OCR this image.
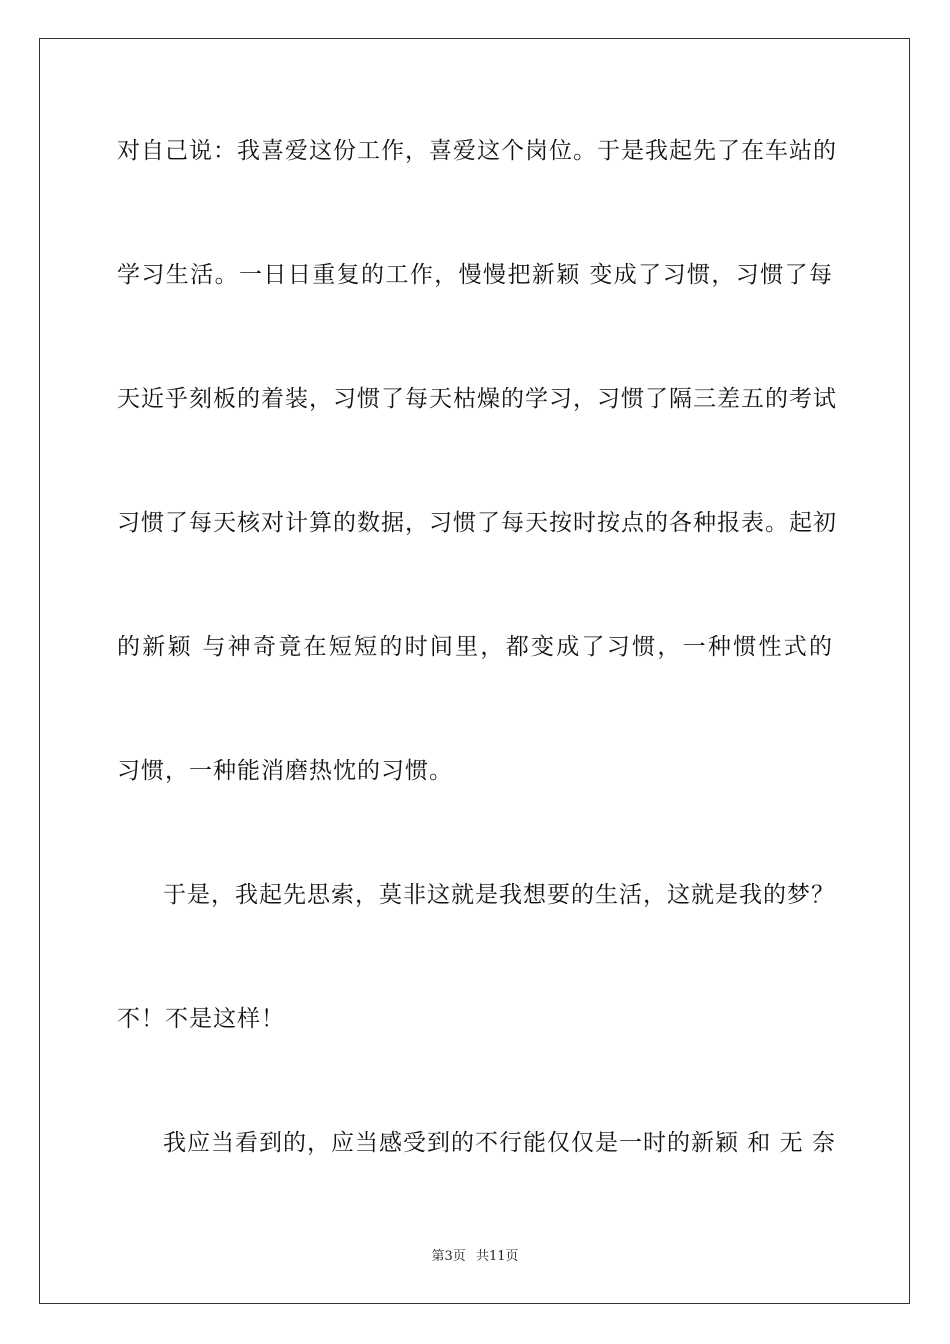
对自己说：我喜爱这份工作，喜爱这个岗位。于是我起先了在车站的
学习生活。一日日重复的工作，慢慢把新颖 变成了习惯，习惯了每
天近乎刻板的着装，习惯了每天枯燥的学习，习惯了隔三差五的考试
习惯了每天核对计算的数据，习惯了每天按时按点的各种报表。起初
的新颖 与神奇竟在短短的时间里，都变成了习惯，一种惯性式的
习惯，一种能消磨热忱的习惯。
于是，我起先思索，莫非这就是我想要的生活，这就是我的梦？
不！不是这样！
我应当看到的，应当感受到的不行能仅仅是一时的新颖 和 无 奈
第3页 共11页
